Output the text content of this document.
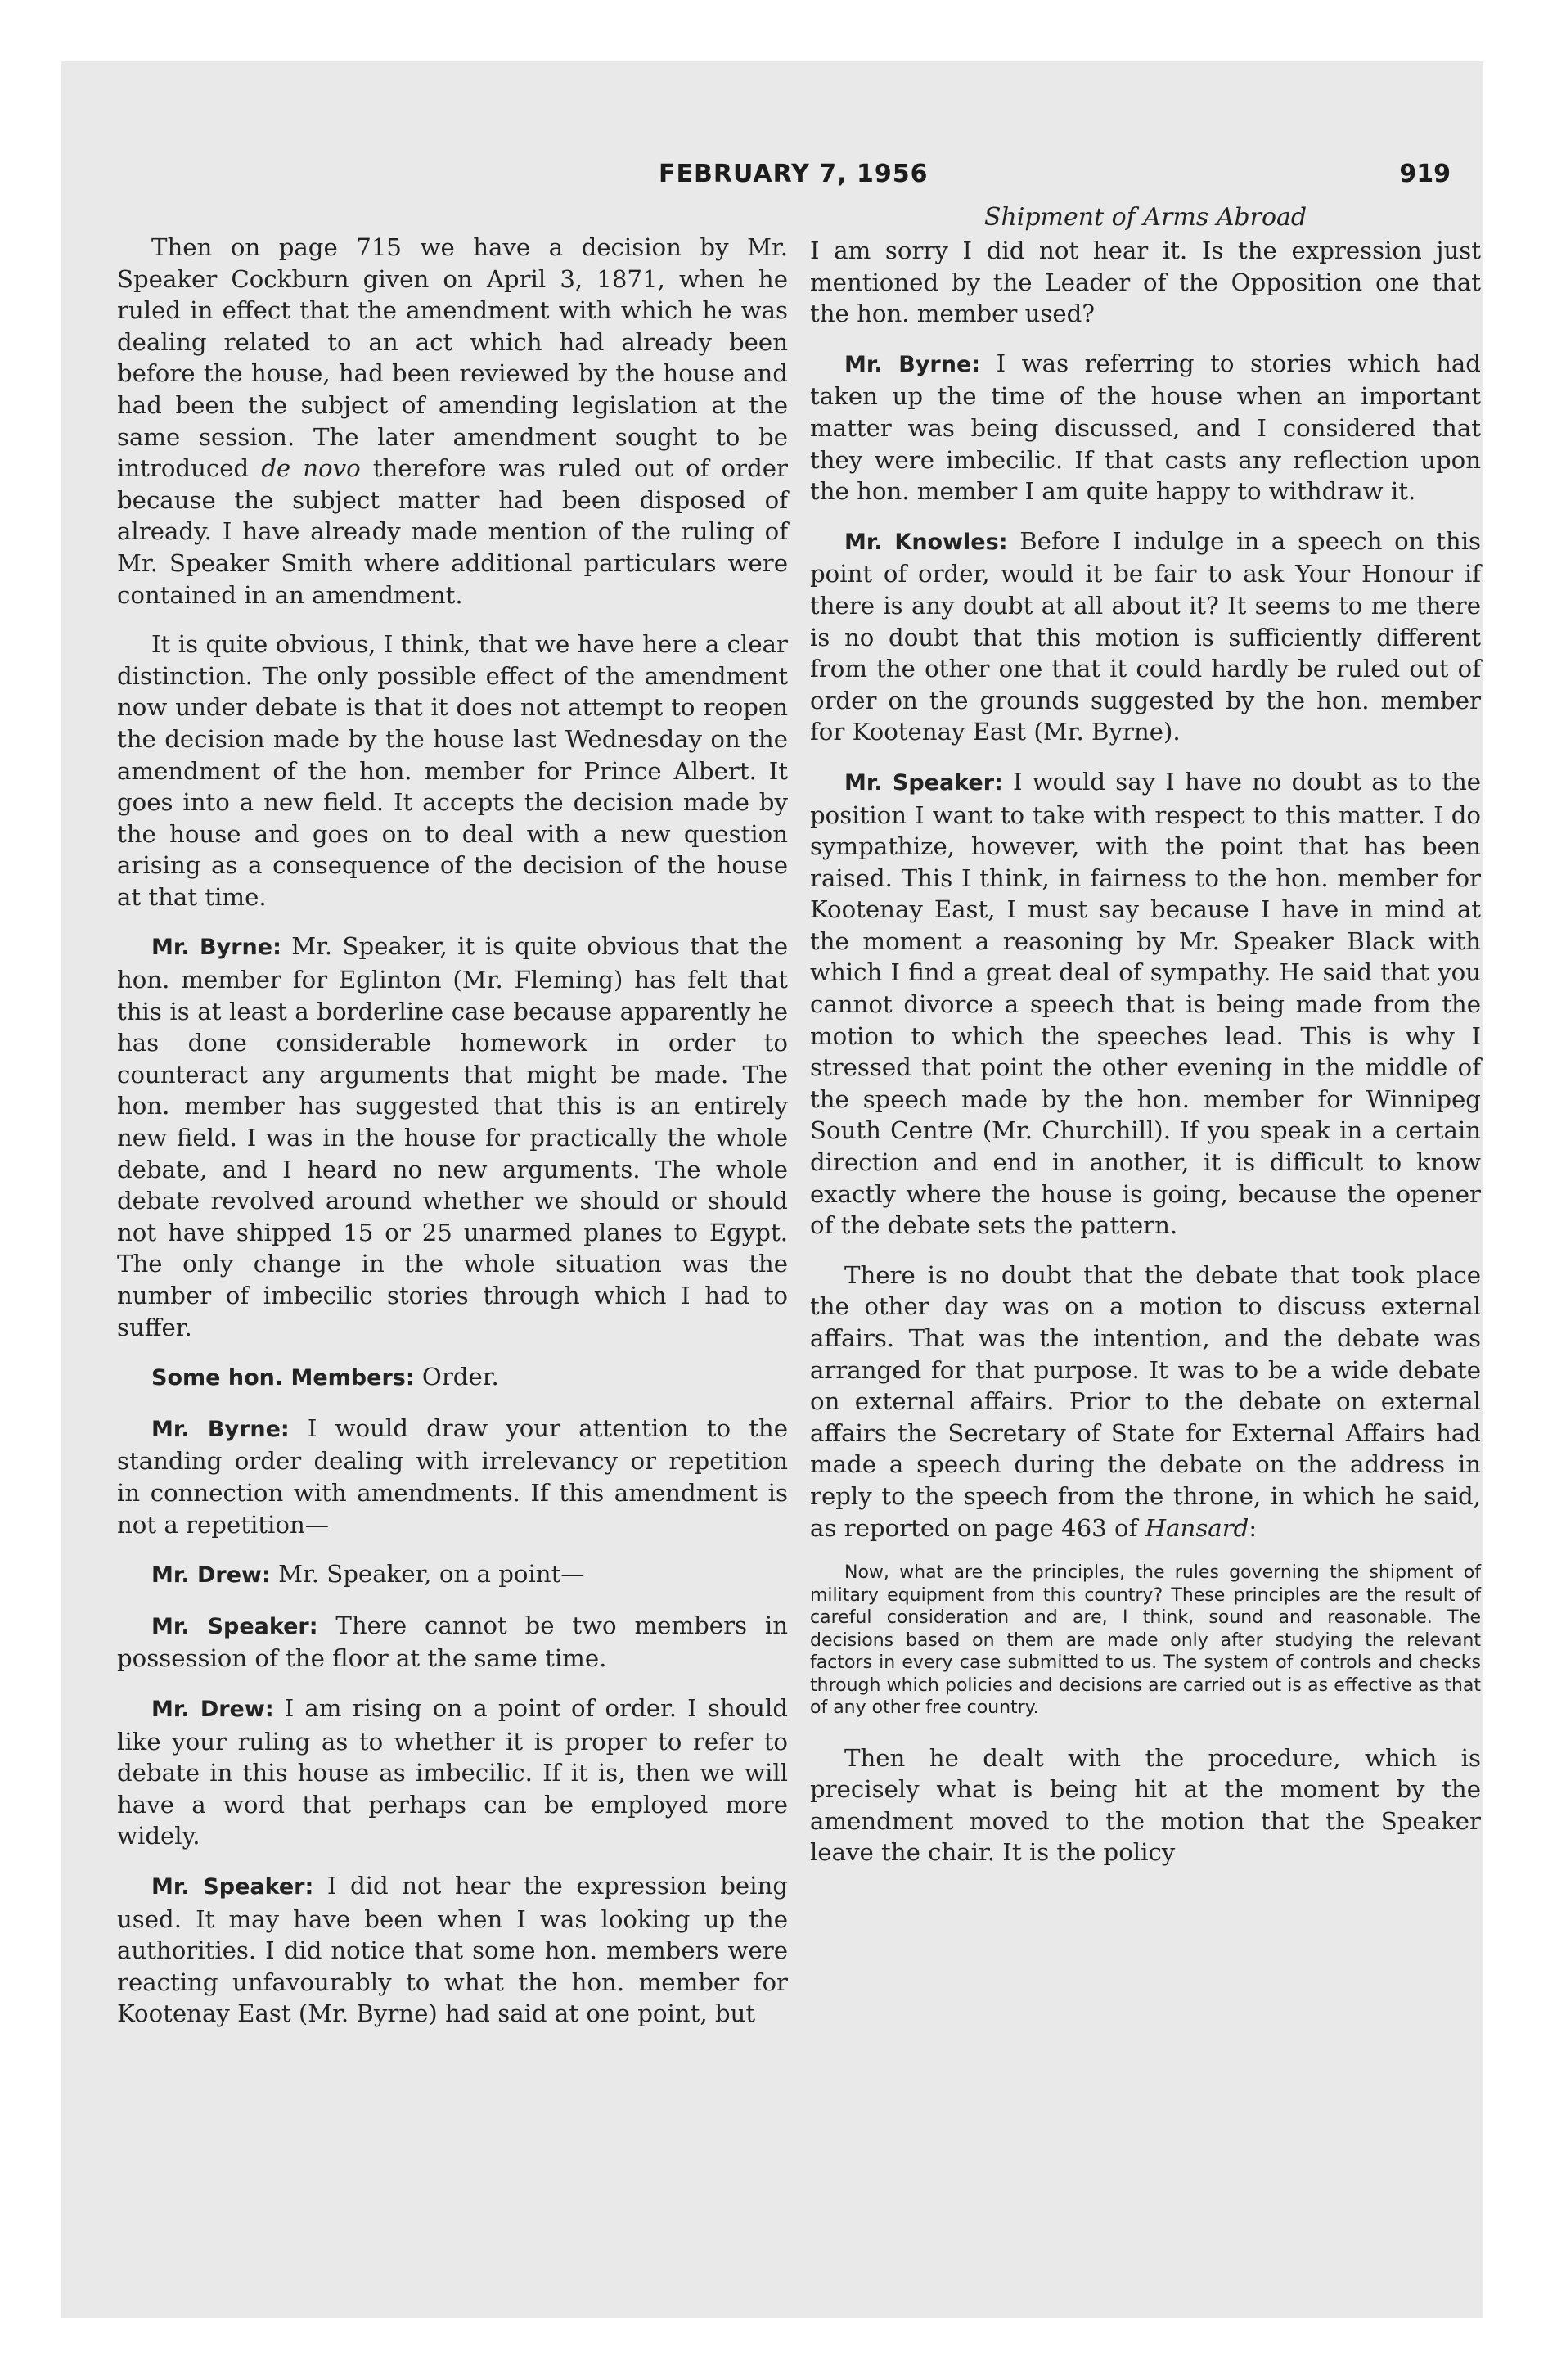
FEBRUARY 7, 1956	919

Then on page 715 we have a decision by Mr. Speaker Cockburn given on April 3, 1871, when he ruled in effect that the amendment with which he was dealing related to an act which had already been before the house, had been reviewed by the house and had been the subject of amending legislation at the same session. The later amendment sought to be introduced de novo therefore was ruled out of order because the subject matter had been disposed of already. I have already made mention of the ruling of Mr. Speaker Smith where additional particulars were contained in an amendment.

It is quite obvious, I think, that we have here a clear distinction. The only possible effect of the amendment now under debate is that it does not attempt to reopen the decision made by the house last Wednesday on the amendment of the hon. member for Prince Albert. It goes into a new field. It accepts the decision made by the house and goes on to deal with a new question arising as a consequence of the decision of the house at that time.

Mr. Byrne: Mr. Speaker, it is quite obvious that the hon. member for Eglinton (Mr. Fleming) has felt that this is at least a borderline case because apparently he has done considerable homework in order to counteract any arguments that might be made. The hon. member has suggested that this is an entirely new field. I was in the house for practically the whole debate, and I heard no new arguments. The whole debate revolved around whether we should or should not have shipped 15 or 25 unarmed planes to Egypt. The only change in the whole situation was the number of imbecilic stories through which I had to suffer.

Some hon. Members: Order.

Mr. Byrne: I would draw your attention to the standing order dealing with irrelevancy or repetition in connection with amendments. If this amendment is not a repetition—

Mr. Drew: Mr. Speaker, on a point—

Mr. Speaker: There cannot be two members in possession of the floor at the same time.

Mr. Drew: I am rising on a point of order. I should like your ruling as to whether it is proper to refer to debate in this house as imbecilic. If it is, then we will have a word that perhaps can be employed more widely.

Mr. Speaker: I did not hear the expression being used. It may have been when I was looking up the authorities. I did notice that some hon. members were reacting unfavourably to what the hon. member for Kootenay East (Mr. Byrne) had said at one point, but

Shipment of Arms Abroad

I am sorry I did not hear it. Is the expression just mentioned by the Leader of the Opposition one that the hon. member used?

Mr. Byrne: I was referring to stories which had taken up the time of the house when an important matter was being discussed, and I considered that they were imbecilic. If that casts any reflection upon the hon. member I am quite happy to withdraw it.

Mr. Knowles: Before I indulge in a speech on this point of order, would it be fair to ask Your Honour if there is any doubt at all about it? It seems to me there is no doubt that this motion is sufficiently different from the other one that it could hardly be ruled out of order on the grounds suggested by the hon. member for Kootenay East (Mr. Byrne).

Mr. Speaker: I would say I have no doubt as to the position I want to take with respect to this matter. I do sympathize, however, with the point that has been raised. This I think, in fairness to the hon. member for Kootenay East, I must say because I have in mind at the moment a reasoning by Mr. Speaker Black with which I find a great deal of sympathy. He said that you cannot divorce a speech that is being made from the motion to which the speeches lead. This is why I stressed that point the other evening in the middle of the speech made by the hon. member for Winnipeg South Centre (Mr. Churchill). If you speak in a certain direction and end in another, it is difficult to know exactly where the house is going, because the opener of the debate sets the pattern.

There is no doubt that the debate that took place the other day was on a motion to discuss external affairs. That was the intention, and the debate was arranged for that purpose. It was to be a wide debate on external affairs. Prior to the debate on external affairs the Secretary of State for External Affairs had made a speech during the debate on the address in reply to the speech from the throne, in which he said, as reported on page 463 of Hansard:

Now, what are the principles, the rules governing the shipment of military equipment from this country? These principles are the result of careful consideration and are, I think, sound and reasonable. The decisions based on them are made only after studying the relevant factors in every case submitted to us. The system of controls and checks through which policies and decisions are carried out is as effective as that of any other free country.

Then he dealt with the procedure, which is precisely what is being hit at the moment by the amendment moved to the motion that the Speaker leave the chair. It is the policy
